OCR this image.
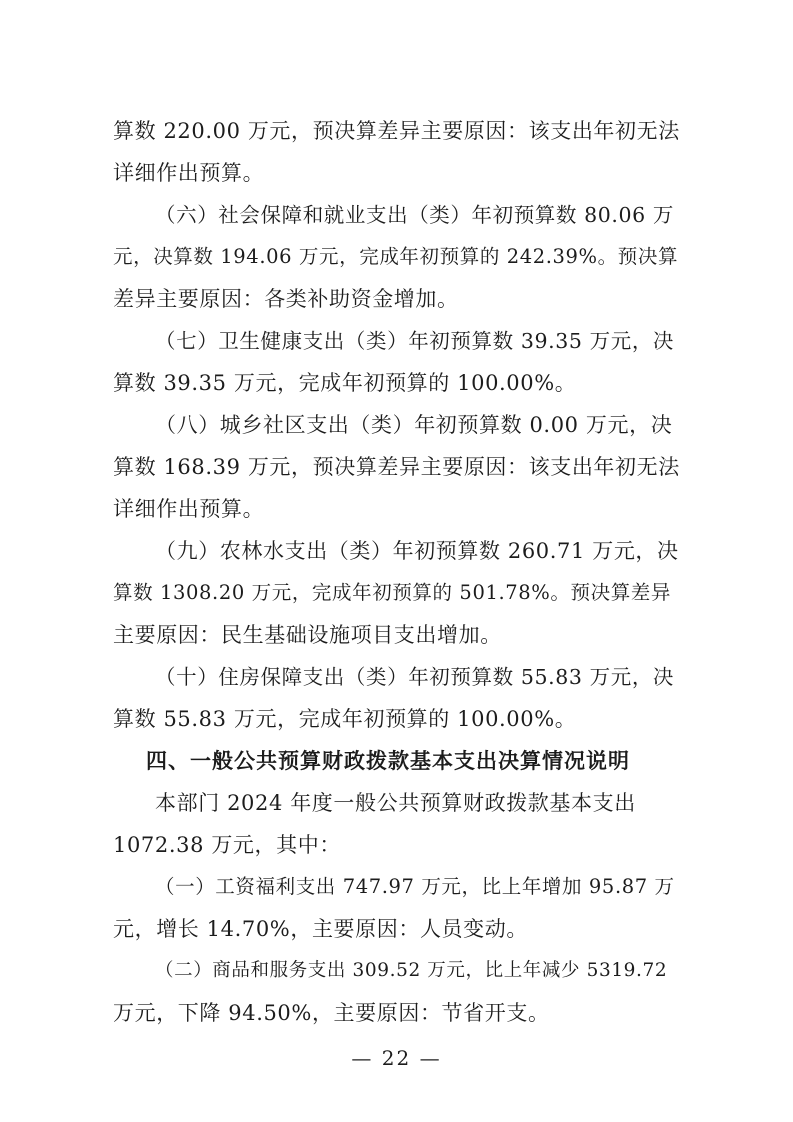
算数 220.00 万元，预决算差异主要原因：该支出年初无法
详细作出预算。
（六）社会保障和就业支出（类）年初预算数 80.06 万
元，决算数 194.06 万元，完成年初预算的 242.39%。预决算
差异主要原因：各类补助资金增加。
（七）卫生健康支出（类）年初预算数 39.35 万元，决
算数 39.35 万元，完成年初预算的 100.00%。
（八）城乡社区支出（类）年初预算数 0.00 万元，决
算数 168.39 万元，预决算差异主要原因：该支出年初无法
详细作出预算。
（九）农林水支出（类）年初预算数 260.71 万元，决
算数 1308.20 万元，完成年初预算的 501.78%。预决算差异
主要原因：民生基础设施项目支出增加。
（十）住房保障支出（类）年初预算数 55.83 万元，决
算数 55.83 万元，完成年初预算的 100.00%。
四、一般公共预算财政拨款基本支出决算情况说明
本部门 2024 年度一般公共预算财政拨款基本支出
1072.38 万元，其中：
（一）工资福利支出 747.97 万元，比上年增加 95.87 万
元，增长 14.70%，主要原因：人员变动。
（二）商品和服务支出 309.52 万元，比上年减少 5319.72
万元，下降 94.50%，主要原因：节省开支。
— 22 —
